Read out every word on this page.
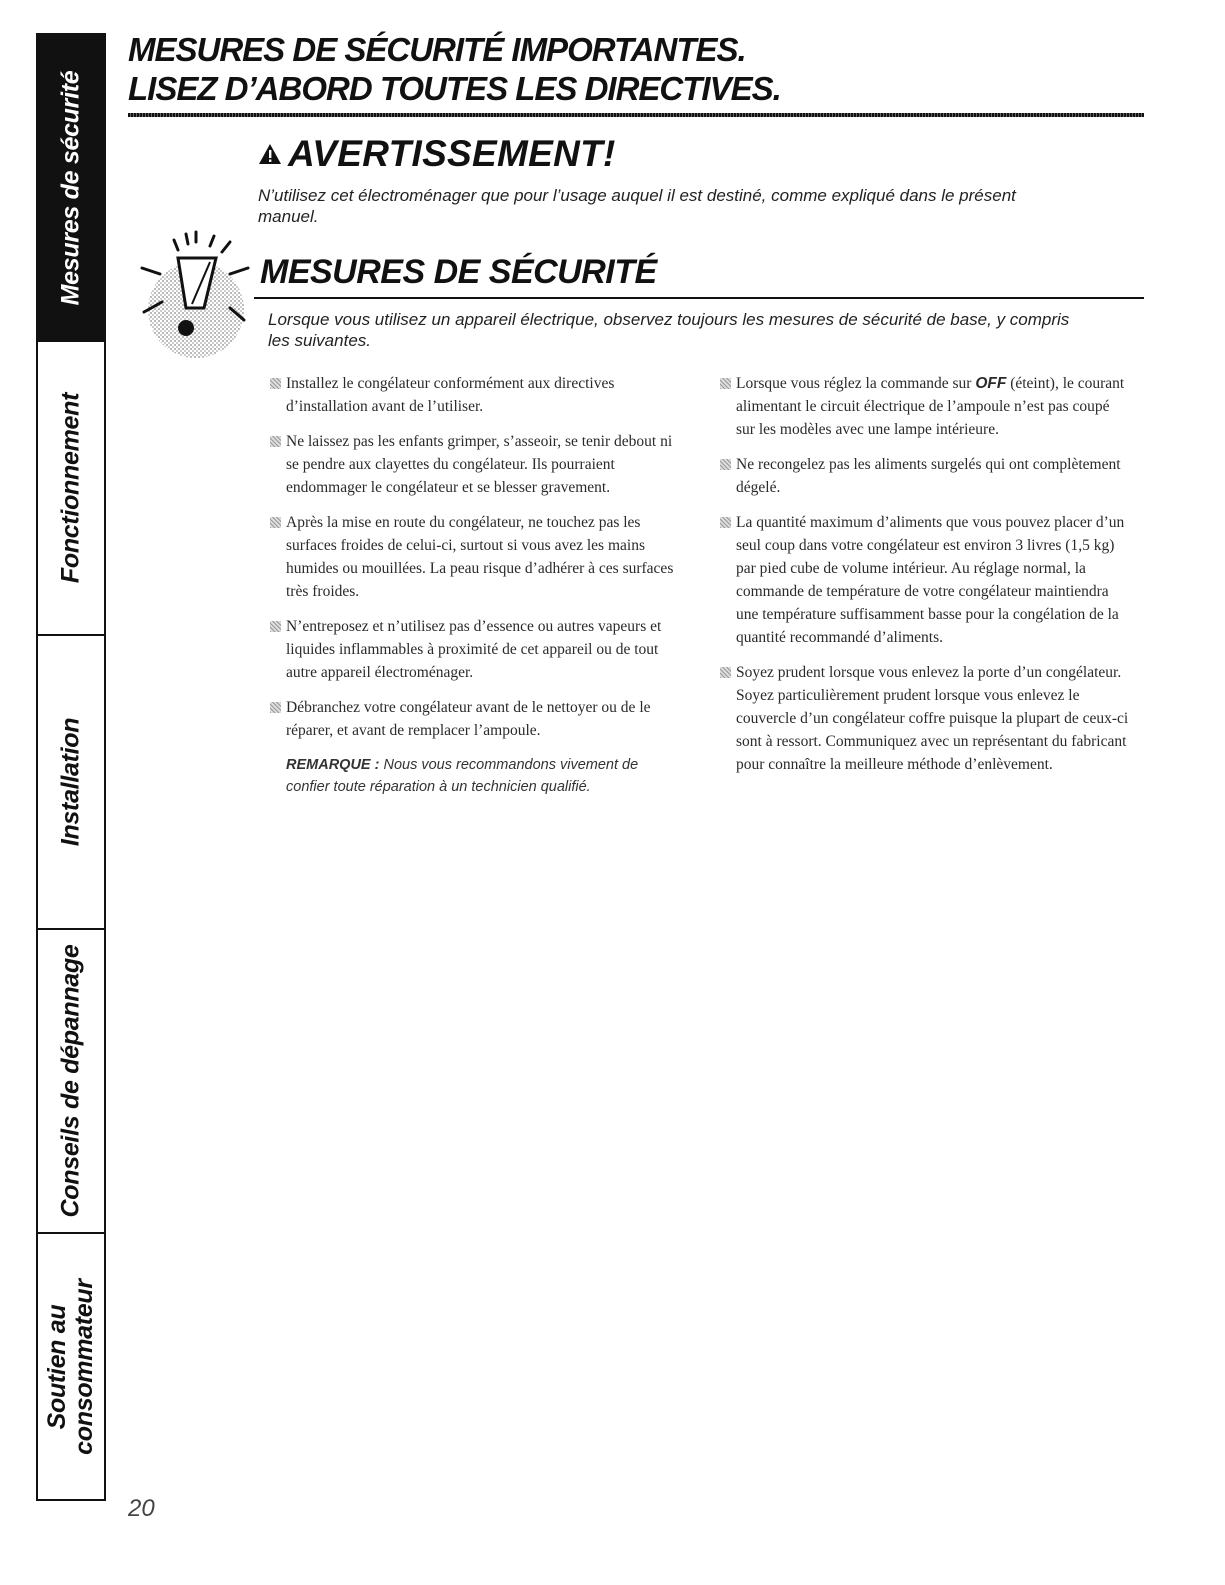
Mesures de sécurité
Fonctionnement
Installation
Conseils de dépannage
Soutien au
consommateur
MESURES DE SÉCURITÉ IMPORTANTES.
LISEZ D’ABORD TOUTES LES DIRECTIVES.
AVERTISSEMENT!

N’utilisez cet électroménager que pour l’usage auquel il est destiné, comme expliqué dans le présent manuel.

MESURES DE SÉCURITÉ

Lorsque vous utilisez un appareil électrique, observez toujours les mesures de sécurité de base, y compris les suivantes.

Installez le congélateur conformément aux directives d’installation avant de l’utiliser.

Ne laissez pas les enfants grimper, s’asseoir, se tenir debout ni se pendre aux clayettes du congélateur. Ils pourraient endommager le congélateur et se blesser gravement.

Après la mise en route du congélateur, ne touchez pas les surfaces froides de celui-ci, surtout si vous avez les mains humides ou mouillées. La peau risque d’adhérer à ces surfaces très froides.

N’entreposez et n’utilisez pas d’essence ou autres vapeurs et liquides inflammables à proximité de cet appareil ou de tout autre appareil électroménager.

Débranchez votre congélateur avant de le nettoyer ou de le réparer, et avant de remplacer l’ampoule.

REMARQUE : Nous vous recommandons vivement de confier toute réparation à un technicien qualifié.

Lorsque vous réglez la commande sur OFF (éteint), le courant alimentant le circuit électrique de l’ampoule n’est pas coupé sur les modèles avec une lampe intérieure.

Ne recongelez pas les aliments surgelés qui ont complètement dégelé.

La quantité maximum d’aliments que vous pouvez placer d’un seul coup dans votre congélateur est environ 3 livres (1,5 kg) par pied cube de volume intérieur. Au réglage normal, la commande de température de votre congélateur maintiendra une température suffisamment basse pour la congélation de la quantité recommandé d’aliments.

Soyez prudent lorsque vous enlevez la porte d’un congélateur. Soyez particulièrement prudent lorsque vous enlevez le couvercle d’un congélateur coffre puisque la plupart de ceux-ci sont à ressort. Communiquez avec un représentant du fabricant pour connaître la meilleure méthode d’enlèvement.

20
